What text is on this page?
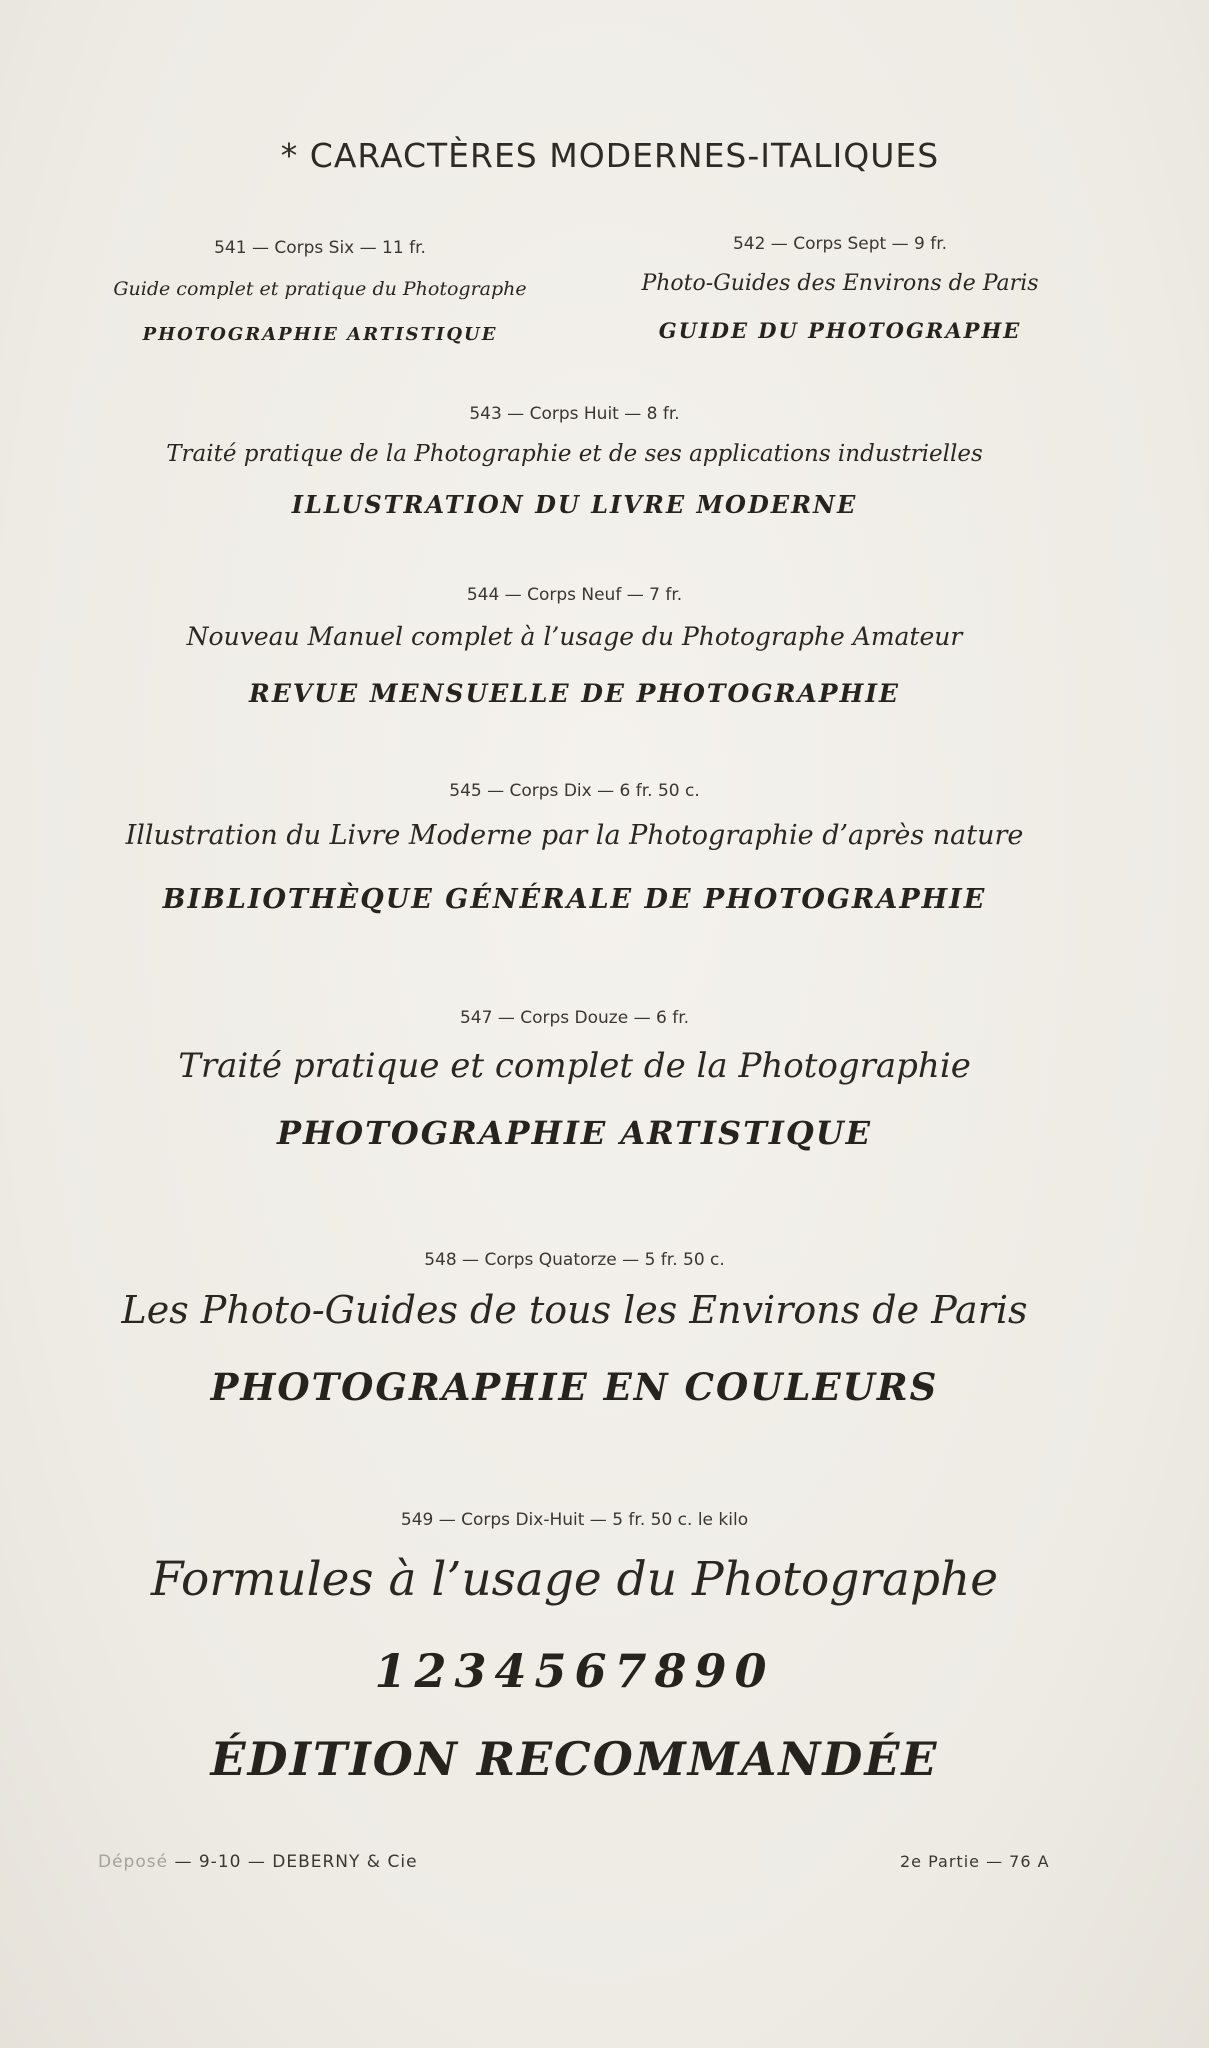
* CARACTÈRES MODERNES-ITALIQUES
541 — Corps Six — 11 fr.
Guide complet et pratique du Photographe
PHOTOGRAPHIE ARTISTIQUE
542 — Corps Sept — 9 fr.
Photo-Guides des Environs de Paris
GUIDE DU PHOTOGRAPHE
543 — Corps Huit — 8 fr.
Traité pratique de la Photographie et de ses applications industrielles
ILLUSTRATION DU LIVRE MODERNE
544 — Corps Neuf — 7 fr.
Nouveau Manuel complet à l’usage du Photographe Amateur
REVUE MENSUELLE DE PHOTOGRAPHIE
545 — Corps Dix — 6 fr. 50 c.
Illustration du Livre Moderne par la Photographie d’après nature
BIBLIOTHÈQUE GÉNÉRALE DE PHOTOGRAPHIE
547 — Corps Douze — 6 fr.
Traité pratique et complet de la Photographie
PHOTOGRAPHIE ARTISTIQUE
548 — Corps Quatorze — 5 fr. 50 c.
Les Photo-Guides de tous les Environs de Paris
PHOTOGRAPHIE EN COULEURS
549 — Corps Dix-Huit — 5 fr. 50 c. le kilo
Formules à l’usage du Photographe
1234567890
ÉDITION RECOMMANDÉE
Déposé — 9-10 — DEBERNY & Cie	2e Partie — 76 A
